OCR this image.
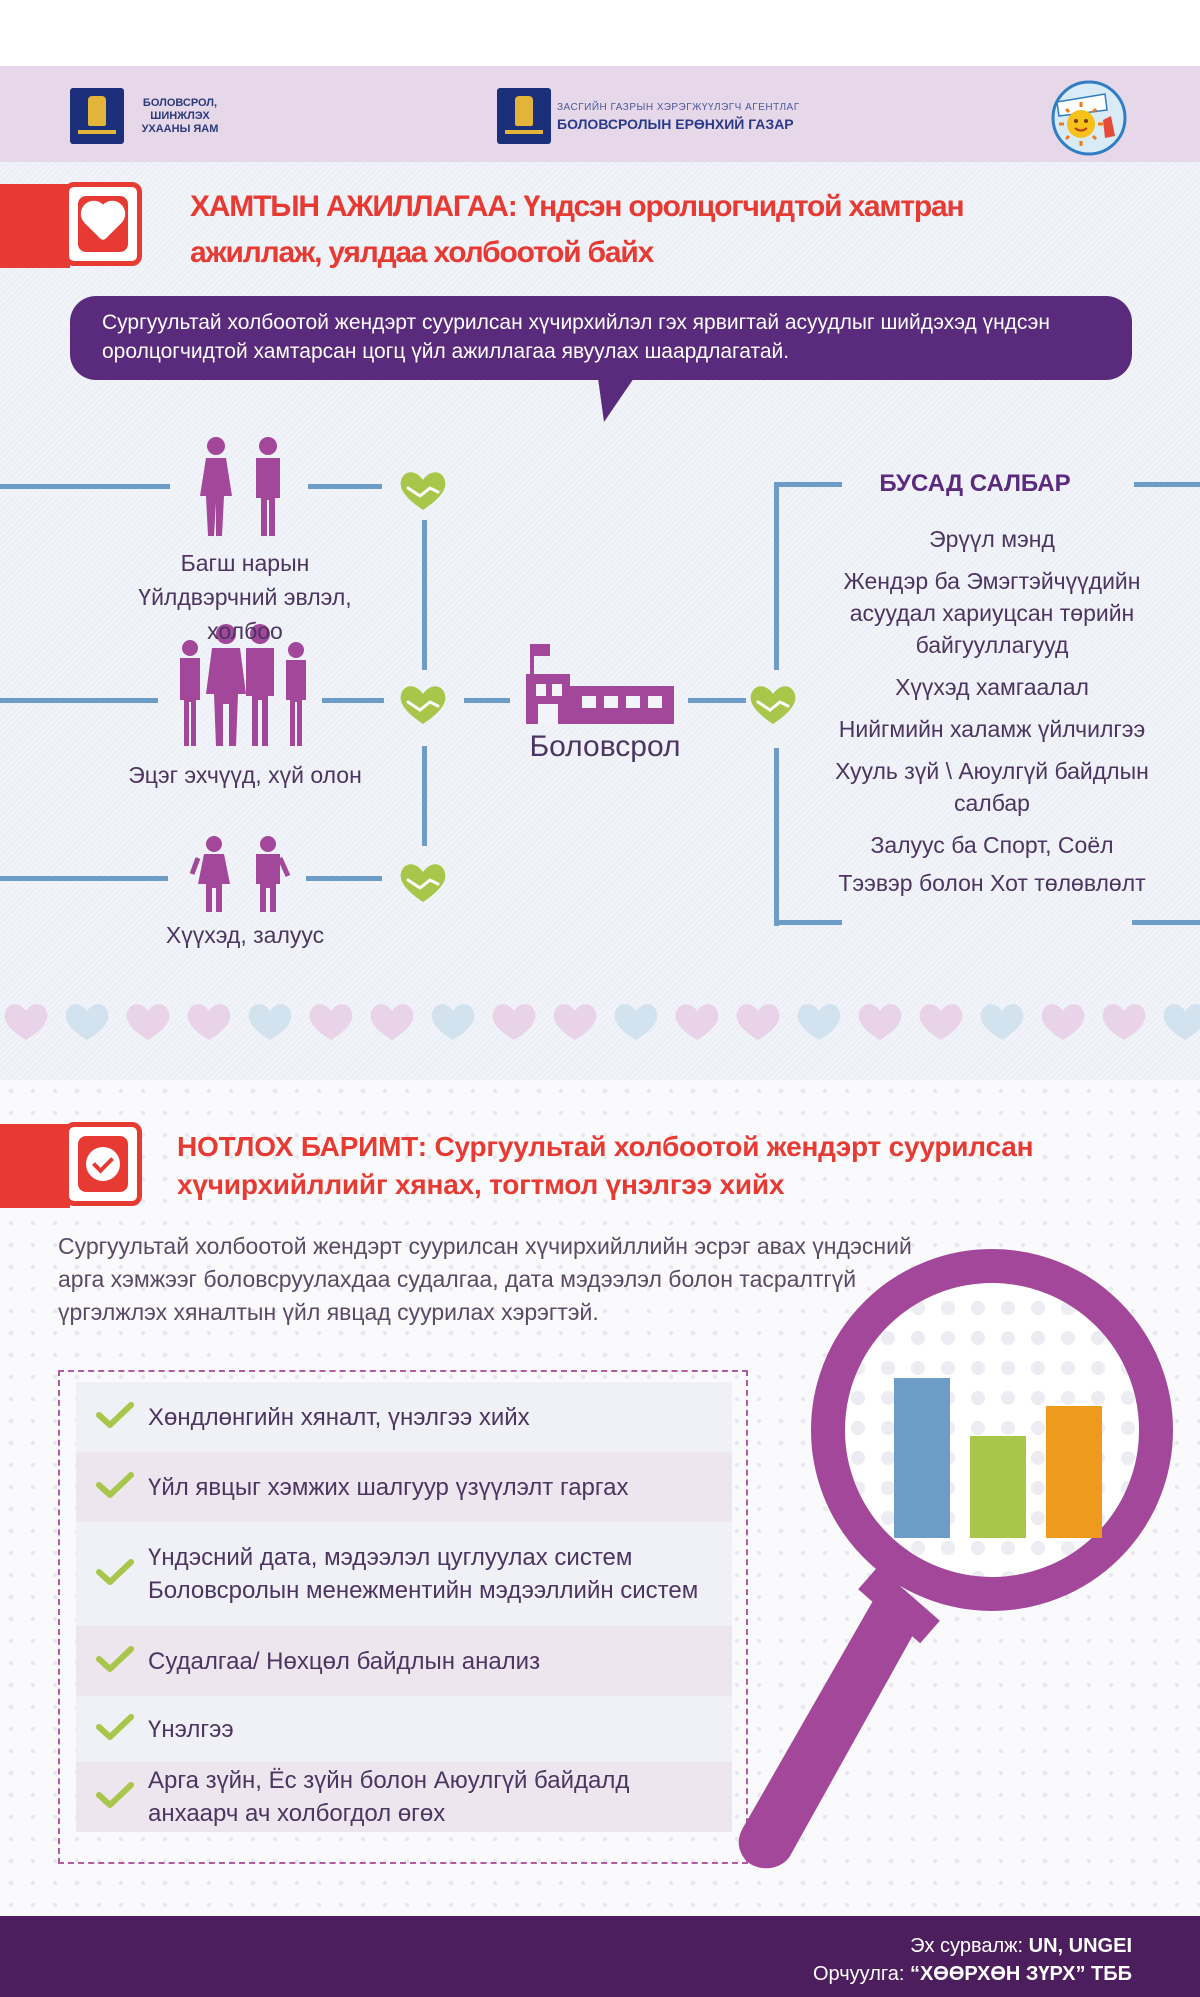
БОЛОВСРОЛ, ШИНЖЛЭХ УХААНЫ ЯАМ
ЗАСГИЙН ГАЗРЫН ХЭРЭГЖҮҮЛЭГЧ АГЕНТЛАГ
БОЛОВСРОЛЫН ЕРӨНХИЙ ГАЗАР
ХАМТЫН АЖИЛЛАГАА: Үндсэн оролцогчидтой хамтран ажиллаж, уялдаа холбоотой байх
Сургуультай холбоотой жендэрт суурилсан хүчирхийлэл гэх ярвигтай асуудлыг шийдэхэд үндсэн оролцогчидтой хамтарсан цогц үйл ажиллагаа явуулах шаардлагатай.
Багш нарын
Үйлдвэрчний эвлэл, холбоо
Эцэг эхчүүд, хүй олон
Хүүхэд, залуус
Боловсрол
БУСАД САЛБАР
Эрүүл мэнд
Жендэр ба Эмэгтэйчүүдийн асуудал хариуцсан төрийн байгууллагууд
Хүүхэд хамгаалал
Нийгмийн халамж үйлчилгээ
Хууль зүй \ Аюулгүй байдлын салбар
Залуус ба Спорт, Соёл
Тээвэр болон Хот төлөвлөлт
НОТЛОХ БАРИМТ: Сургуультай холбоотой жендэрт суурилсан хүчирхийллийг хянах, тогтмол үнэлгээ хийх
Сургуультай холбоотой жендэрт суурилсан хүчирхийллийн эсрэг авах үндэсний арга хэмжээг боловсруулахдаа судалгаа, дата мэдээлэл болон тасралтгүй үргэлжлэх хяналтын үйл явцад суурилах хэрэгтэй.
Хөндлөнгийн хяналт, үнэлгээ хийх
Үйл явцыг хэмжих шалгуур үзүүлэлт гаргах
Үндэсний дата, мэдээлэл цуглуулах систем Боловсролын менежментийн мэдээллийн систем
Судалгаа/ Нөхцөл байдлын анализ
Үнэлгээ
Арга зүйн, Ёс зүйн болон Аюулгүй байдалд анхаарч ач холбогдол өгөх
Эх сурвалж: UN, UNGEI
Орчуулга: “ХӨӨРХӨН ЗҮРХ” ТББ
